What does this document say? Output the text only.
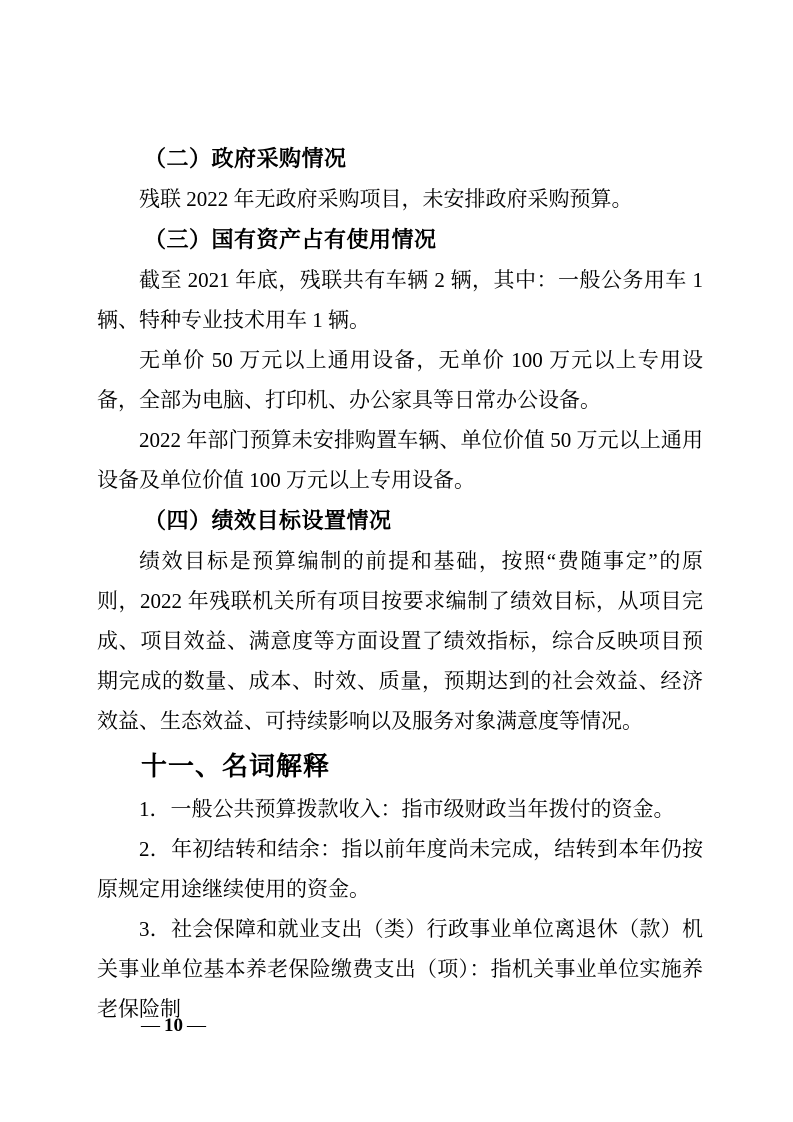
（二）政府采购情况

残联 2022 年无政府采购项目，未安排政府采购预算。

（三）国有资产占有使用情况

截至 2021 年底，残联共有车辆 2 辆，其中：一般公务用车 1 辆、特种专业技术用车 1 辆。

无单价 50 万元以上通用设备，无单价 100 万元以上专用设备，全部为电脑、打印机、办公家具等日常办公设备。

2022 年部门预算未安排购置车辆、单位价值 50 万元以上通用设备及单位价值 100 万元以上专用设备。

（四）绩效目标设置情况

绩效目标是预算编制的前提和基础，按照“费随事定”的原则，2022 年残联机关所有项目按要求编制了绩效目标，从项目完成、项目效益、满意度等方面设置了绩效指标，综合反映项目预期完成的数量、成本、时效、质量，预期达到的社会效益、经济效益、生态效益、可持续影响以及服务对象满意度等情况。

十一、名词解释

1．一般公共预算拨款收入：指市级财政当年拨付的资金。

2．年初结转和结余：指以前年度尚未完成，结转到本年仍按原规定用途继续使用的资金。

3．社会保障和就业支出（类）行政事业单位离退休（款）机关事业单位基本养老保险缴费支出（项）：指机关事业单位实施养老保险制

— 10 —
